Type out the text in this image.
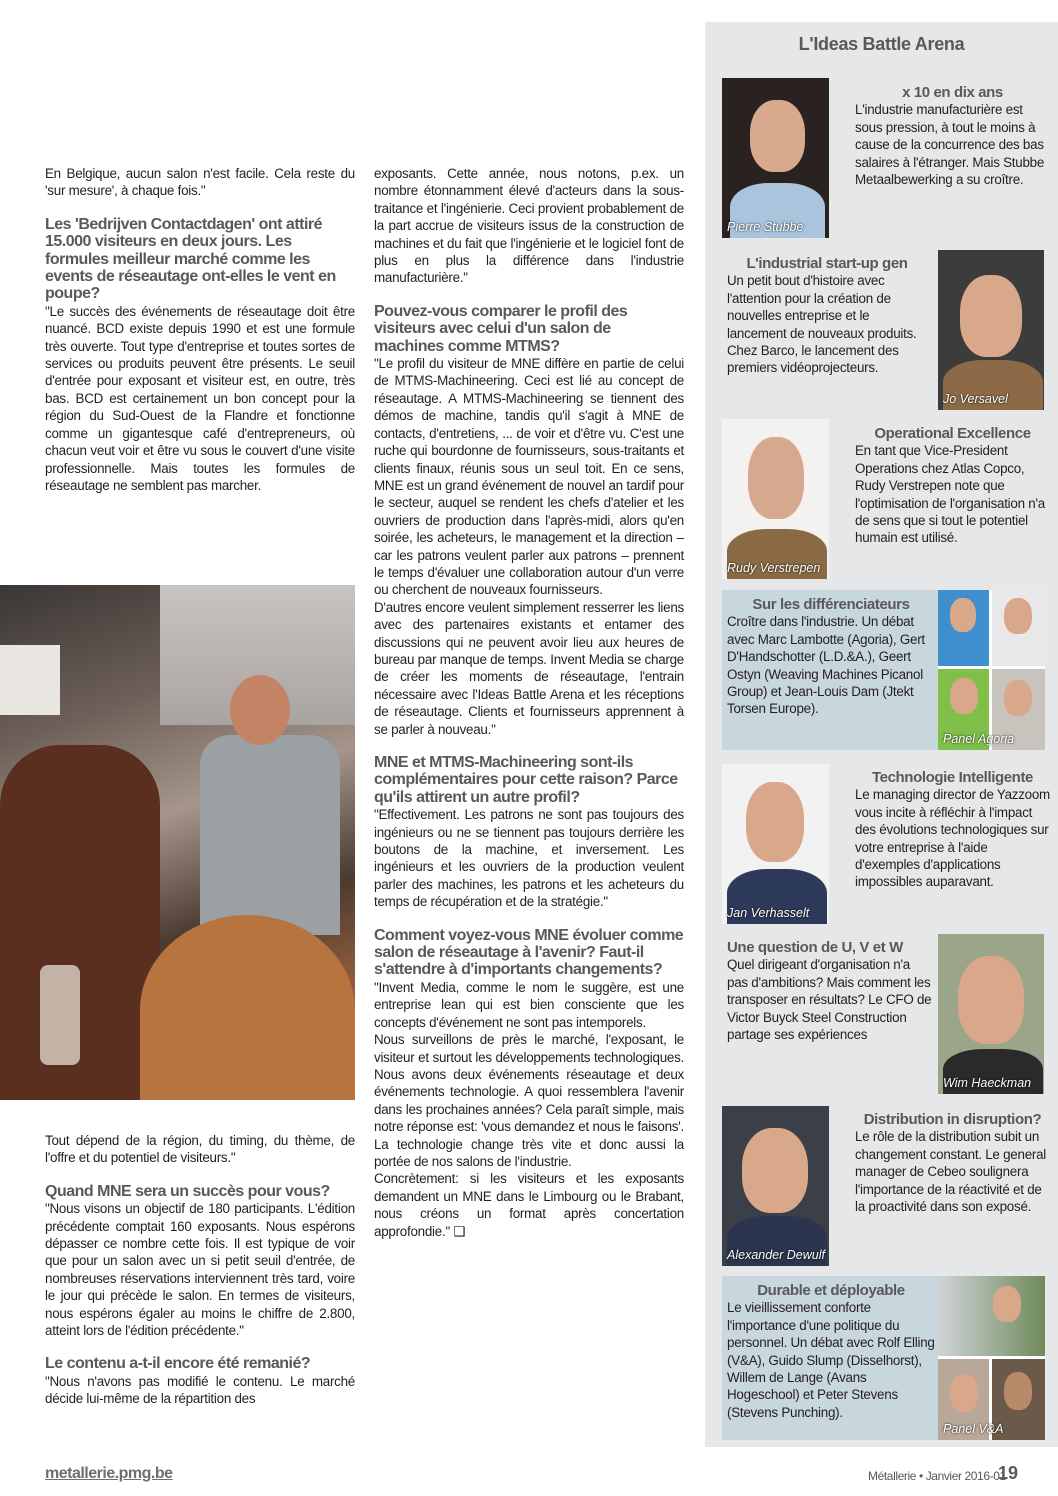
En Belgique, aucun salon n'est facile. Cela reste du 'sur mesure', à chaque fois."

Les 'Bedrijven Contactdagen' ont attiré 15.000 visiteurs en deux jours. Les formules meilleur marché comme les events de réseautage ont-elles le vent en poupe?

"Le succès des événements de réseautage doit être nuancé. BCD existe depuis 1990 et est une formule très ouverte. Tout type d'entreprise et toutes sortes de services ou produits peuvent être présents. Le seuil d'entrée pour exposant et visiteur est, en outre, très bas. BCD est certainement un bon concept pour la région du Sud-Ouest de la Flandre et fonctionne comme un gigantesque café d'entrepreneurs, où chacun veut voir et être vu sous le couvert d'une visite professionnelle. Mais toutes les formules de réseautage ne semblent pas marcher.

Tout dépend de la région, du timing, du thème, de l'offre et du potentiel de visiteurs."

Quand MNE sera un succès pour vous?

"Nous visons un objectif de 180 participants. L'édition précédente comptait 160 exposants. Nous espérons dépasser ce nombre cette fois. Il est typique de voir que pour un salon avec un si petit seuil d'entrée, de nombreuses réservations interviennent très tard, voire le jour qui précède le salon. En termes de visiteurs, nous espérons égaler au moins le chiffre de 2.800, atteint lors de l'édition précédente."

Le contenu a-t-il encore été remanié?

"Nous n'avons pas modifié le contenu. Le marché décide lui-même de la répartition des

exposants. Cette année, nous notons, p.ex. un nombre étonnamment élevé d'acteurs dans la sous-traitance et l'ingénierie. Ceci provient probablement de la part accrue de visiteurs issus de la construction de machines et du fait que l'ingénierie et le logiciel font de plus en plus la différence dans l'industrie manufacturière."

Pouvez-vous comparer le profil des visiteurs avec celui d'un salon de machines comme MTMS?

"Le profil du visiteur de MNE diffère en partie de celui de MTMS-Machineering. Ceci est lié au concept de réseautage. A MTMS-Machineering se tiennent des démos de machine, tandis qu'il s'agit à MNE de contacts, d'entretiens, ... de voir et d'être vu. C'est une ruche qui bourdonne de fournisseurs, sous-traitants et clients finaux, réunis sous un seul toit. En ce sens, MNE est un grand événement de nouvel an tardif pour le secteur, auquel se rendent les chefs d'atelier et les ouvriers de production dans l'après-midi, alors qu'en soirée, les acheteurs, le management et la direction – car les patrons veulent parler aux patrons – prennent le temps d'évaluer une collaboration autour d'un verre ou cherchent de nouveaux fournisseurs.

D'autres encore veulent simplement resserrer les liens avec des partenaires existants et entamer des discussions qui ne peuvent avoir lieu aux heures de bureau par manque de temps. Invent Media se charge de créer les moments de réseautage, l'entrain nécessaire avec l'Ideas Battle Arena et les réceptions de réseautage. Clients et fournisseurs apprennent à se parler à nouveau."

MNE et MTMS-Machineering sont-ils complémentaires pour cette raison? Parce qu'ils attirent un autre profil?

"Effectivement. Les patrons ne sont pas toujours des ingénieurs ou ne se tiennent pas toujours derrière les boutons de la machine, et inversement. Les ingénieurs et les ouvriers de la production veulent parler des machines, les patrons et les acheteurs du temps de récupération et de la stratégie."

Comment voyez-vous MNE évoluer comme salon de réseautage à l'avenir? Faut-il s'attendre à d'importants changements?

"Invent Media, comme le nom le suggère, est une entreprise lean qui est bien consciente que les concepts d'événement ne sont pas intemporels.

Nous surveillons de près le marché, l'exposant, le visiteur et surtout les développements technologiques. Nous avons deux événements réseautage et deux événements technologie. A quoi ressemblera l'avenir dans les prochaines années? Cela paraît simple, mais notre réponse est: 'vous demandez et nous le faisons'. La technologie change très vite et donc aussi la portée de nos salons de l'industrie.

Concrètement: si les visiteurs et les exposants demandent un MNE dans le Limbourg ou le Brabant, nous créons un format après concertation approfondie." ❑

L'Ideas Battle Arena
Pierre Stubbe
x 10 en dix ans

L'industrie manufacturière est sous pression, à tout le moins à cause de la concurrence des bas salaires à l'étranger. Mais Stubbe Metaalbewerking a su croître.

L'industrial start-up gen

Un petit bout d'histoire avec l'attention pour la création de nouvelles entreprise et le lancement de nouveaux produits. Chez Barco, le lancement des premiers vidéoprojecteurs.

Jo Versavel
Rudy Verstrepen
Operational Excellence

En tant que Vice-President Operations chez Atlas Copco, Rudy Verstrepen note que l'optimisation de l'organisation n'a de sens que si tout le potentiel humain est utilisé.

Sur les différenciateurs

Croître dans l'industrie. Un débat avec Marc Lambotte (Agoria), Gert D'Handschotter (L.D.&A.), Geert Ostyn (Weaving Machines Picanol Group) et Jean-Louis Dam (Jtekt Torsen Europe).

Panel Agoria
Jan Verhasselt
Technologie Intelligente

Le managing director de Yazzoom vous incite à réfléchir à l'impact des évolutions technologiques sur votre entreprise à l'aide d'exemples d'applications impossibles auparavant.

Une question de U, V et W

Quel dirigeant d'organisation n'a pas d'ambitions? Mais comment les transposer en résultats? Le CFO de Victor Buyck Steel Construction partage ses expériences

Wim Haeckman
Alexander Dewulf
Distribution in disruption?

Le rôle de la distribution subit un changement constant. Le general manager de Cebeo soulignera l'importance de la réactivité et de la proactivité dans son exposé.

Durable et déployable

Le vieillissement conforte l'importance d'une politique du personnel. Un débat avec Rolf Elling (V&A), Guido Slump (Disselhorst), Willem de Lange (Avans Hogeschool) et Peter Stevens (Stevens Punching).

Panel V&A
metallerie.pmg.be	Métallerie • Janvier 2016-01
19
